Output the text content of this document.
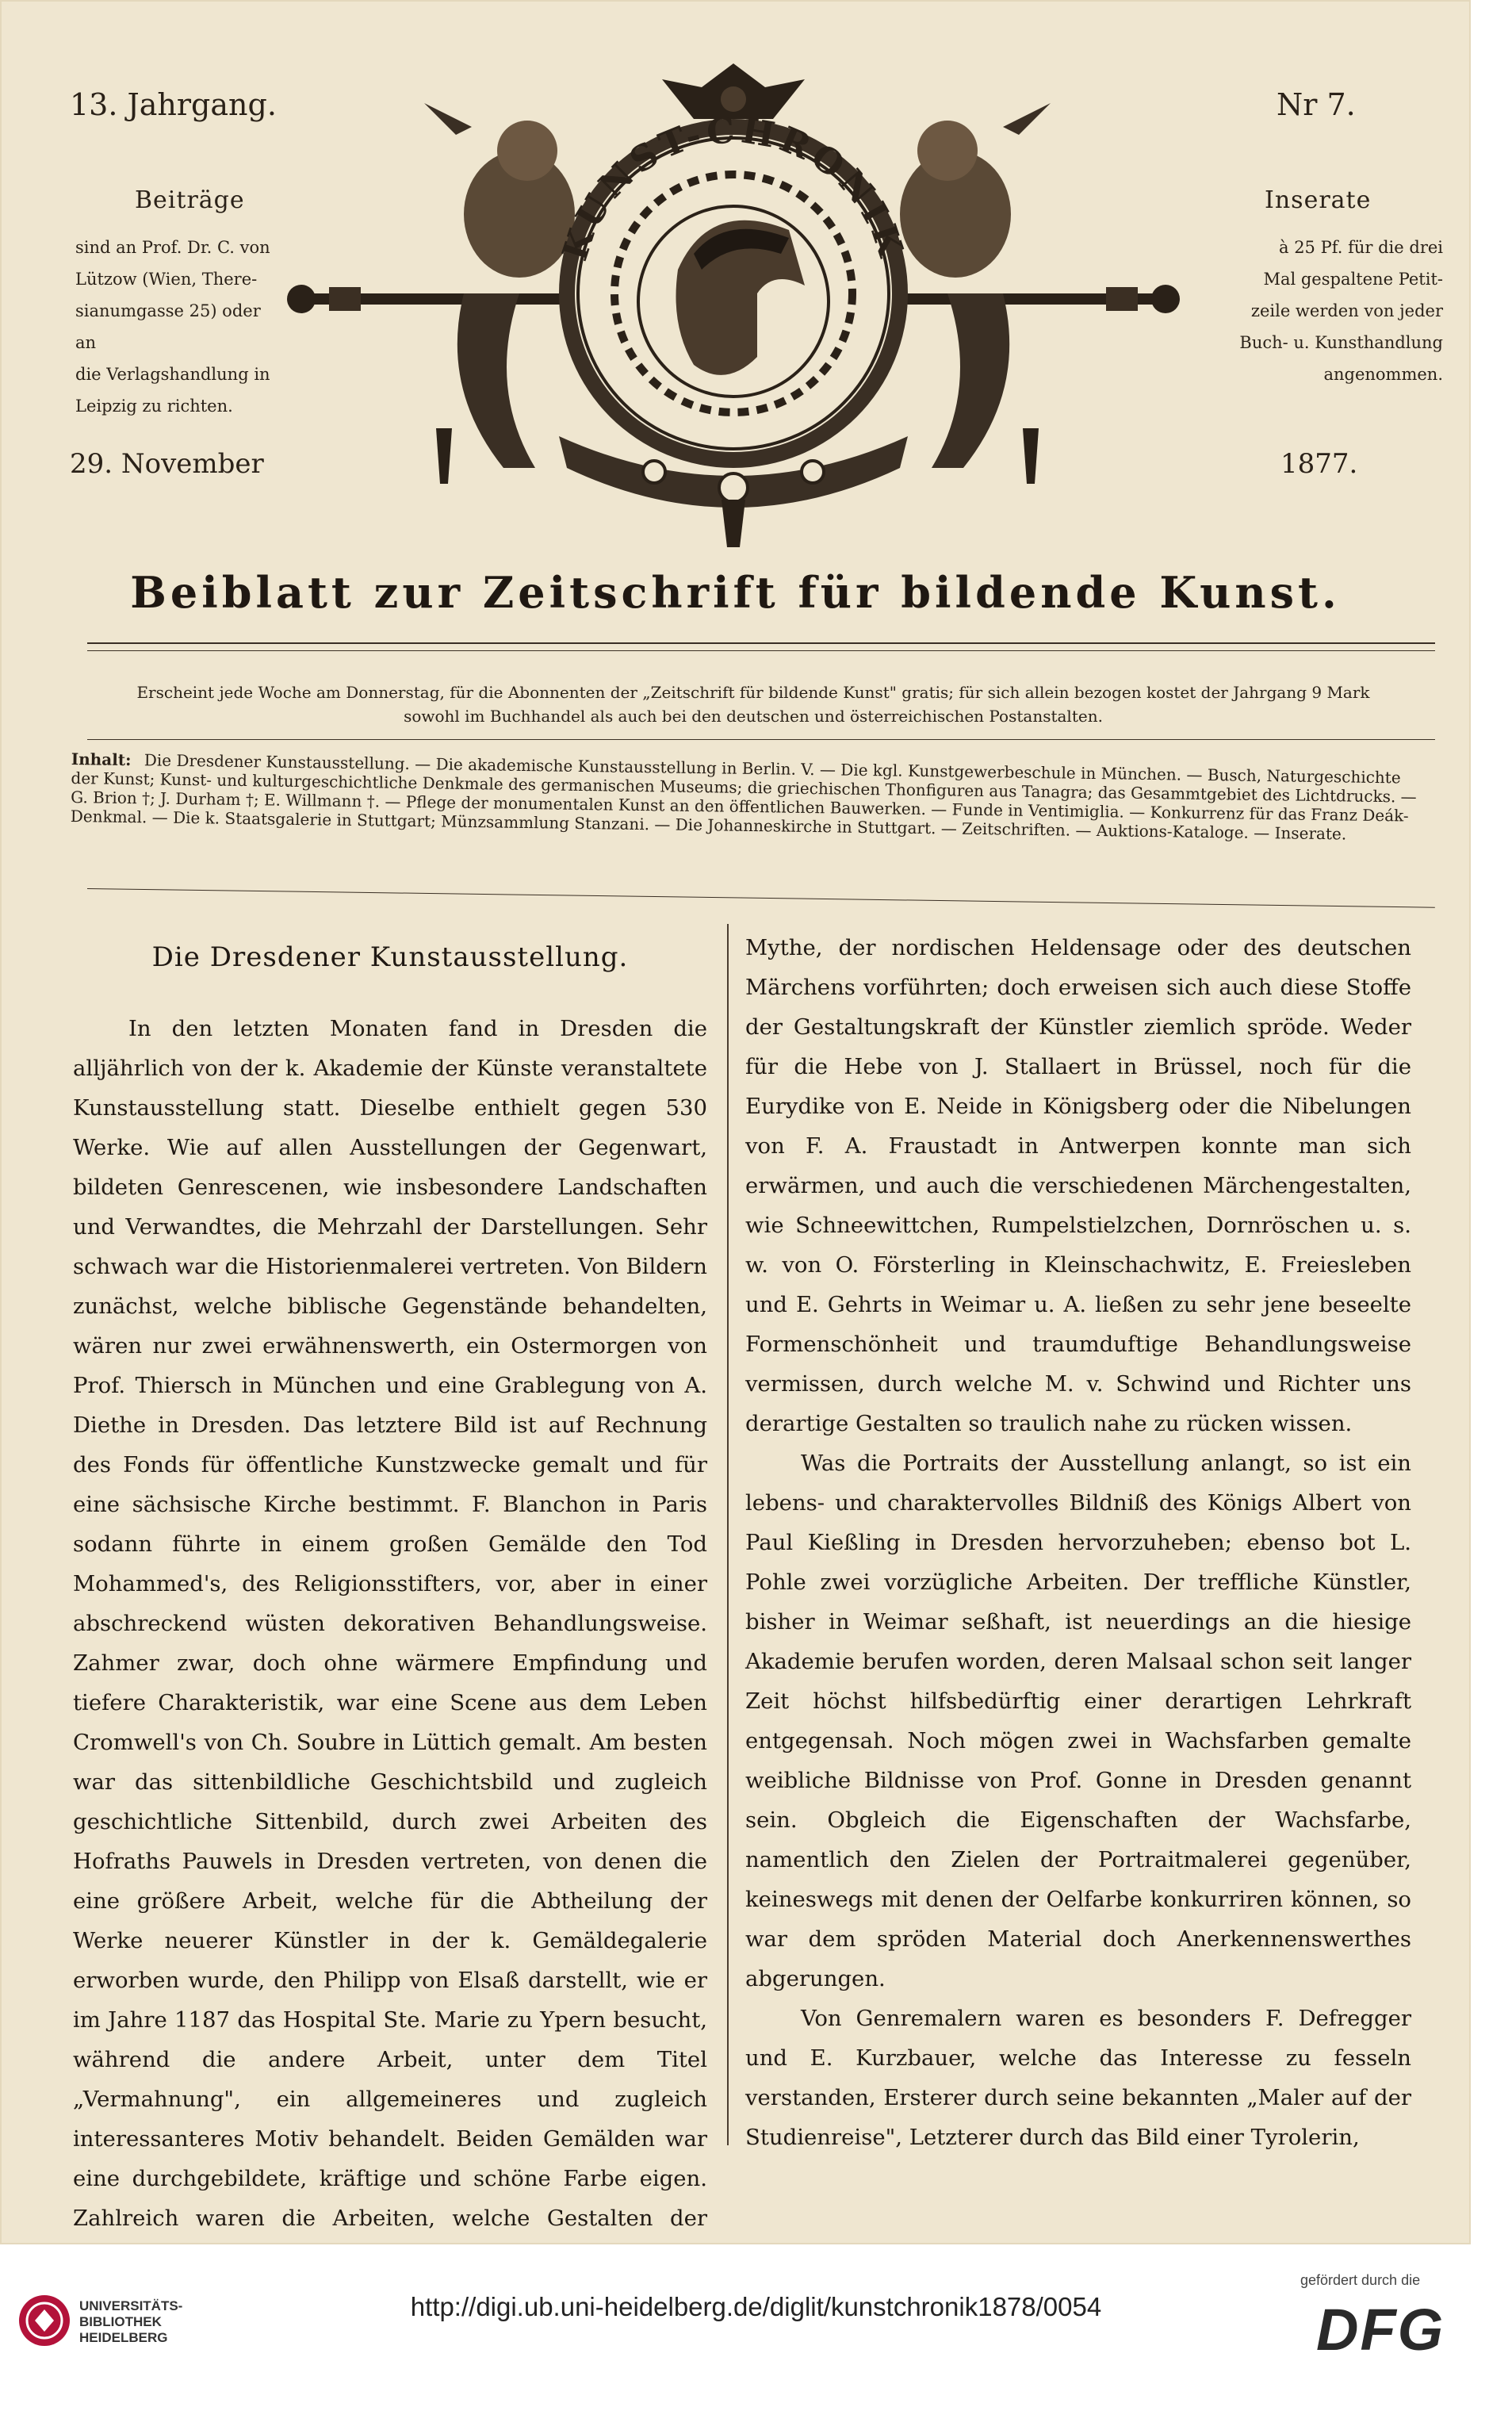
13. Jahrgang.	Nr 7.
Beiträge
sind an Prof. Dr. C. von
Lützow (Wien, There-
sianumgasse 25) oder an
die Verlagshandlung in
Leipzig zu richten.
Inserate
à 25 Pf. für die drei
Mal gespaltene Petit-
zeile werden von jeder
Buch- u. Kunsthandlung
angenommen.
29. November	1877.
KUNST-CHRONIK
Beiblatt zur Zeitschrift für bildende Kunst.
Erscheint jede Woche am Donnerstag, für die Abonnenten der „Zeitschrift für bildende Kunst" gratis; für sich allein bezogen kostet der Jahrgang 9 Mark sowohl im Buchhandel als auch bei den deutschen und österreichischen Postanstalten.
Inhalt: Die Dresdener Kunstausstellung. — Die akademische Kunstausstellung in Berlin. V. — Die kgl. Kunstgewerbeschule in München. — Busch, Naturgeschichte der Kunst; Kunst- und kulturgeschichtliche Denkmale des germanischen Museums; die griechischen Thonfiguren aus Tanagra; das Gesammtgebiet des Lichtdrucks. — G. Brion †; J. Durham †; E. Willmann †. — Pflege der monumentalen Kunst an den öffentlichen Bauwerken. — Funde in Ventimiglia. — Konkurrenz für das Franz Deák-Denkmal. — Die k. Staatsgalerie in Stuttgart; Münzsammlung Stanzani. — Die Johanneskirche in Stuttgart. — Zeitschriften. — Auktions-Kataloge. — Inserate.
Die Dresdener Kunstausstellung.

In den letzten Monaten fand in Dresden die alljährlich von der k. Akademie der Künste veranstaltete Kunstausstellung statt. Dieselbe enthielt gegen 530 Werke. Wie auf allen Ausstellungen der Gegenwart, bildeten Genrescenen, wie insbesondere Landschaften und Verwandtes, die Mehrzahl der Darstellungen. Sehr schwach war die Historienmalerei vertreten. Von Bildern zunächst, welche biblische Gegenstände behandelten, wären nur zwei erwähnenswerth, ein Ostermorgen von Prof. Thiersch in München und eine Grablegung von A. Diethe in Dresden. Das letztere Bild ist auf Rechnung des Fonds für öffentliche Kunstzwecke gemalt und für eine sächsische Kirche bestimmt. F. Blanchon in Paris sodann führte in einem großen Gemälde den Tod Mohammed's, des Religionsstifters, vor, aber in einer abschreckend wüsten dekorativen Behandlungsweise. Zahmer zwar, doch ohne wärmere Empfindung und tiefere Charakteristik, war eine Scene aus dem Leben Cromwell's von Ch. Soubre in Lüttich gemalt. Am besten war das sittenbildliche Geschichtsbild und zugleich geschichtliche Sittenbild, durch zwei Arbeiten des Hofraths Pauwels in Dresden vertreten, von denen die eine größere Arbeit, welche für die Abtheilung der Werke neuerer Künstler in der k. Gemäldegalerie erworben wurde, den Philipp von Elsaß darstellt, wie er im Jahre 1187 das Hospital Ste. Marie zu Ypern besucht, während die andere Arbeit, unter dem Titel „Vermahnung", ein allgemeineres und zugleich interessanteres Motiv behandelt. Beiden Gemälden war eine durchgebildete, kräftige und schöne Farbe eigen. Zahlreich waren die Arbeiten, welche Gestalten der

Mythe, der nordischen Heldensage oder des deutschen Märchens vorführten; doch erweisen sich auch diese Stoffe der Gestaltungskraft der Künstler ziemlich spröde. Weder für die Hebe von J. Stallaert in Brüssel, noch für die Eurydike von E. Neide in Königsberg oder die Nibelungen von F. A. Fraustadt in Antwerpen konnte man sich erwärmen, und auch die verschiedenen Märchengestalten, wie Schneewittchen, Rumpelstielzchen, Dornröschen u. s. w. von O. Försterling in Kleinschachwitz, E. Freiesleben und E. Gehrts in Weimar u. A. ließen zu sehr jene beseelte Formenschönheit und traumduftige Behandlungsweise vermissen, durch welche M. v. Schwind und Richter uns derartige Gestalten so traulich nahe zu rücken wissen.

Was die Portraits der Ausstellung anlangt, so ist ein lebens- und charaktervolles Bildniß des Königs Albert von Paul Kießling in Dresden hervorzuheben; ebenso bot L. Pohle zwei vorzügliche Arbeiten. Der treffliche Künstler, bisher in Weimar seßhaft, ist neuerdings an die hiesige Akademie berufen worden, deren Malsaal schon seit langer Zeit höchst hilfsbedürftig einer derartigen Lehrkraft entgegensah. Noch mögen zwei in Wachsfarben gemalte weibliche Bildnisse von Prof. Gonne in Dresden genannt sein. Obgleich die Eigenschaften der Wachsfarbe, namentlich den Zielen der Portraitmalerei gegenüber, keineswegs mit denen der Oelfarbe konkurriren können, so war dem spröden Material doch Anerkennenswerthes abgerungen.

Von Genremalern waren es besonders F. Defregger und E. Kurzbauer, welche das Interesse zu fesseln verstanden, Ersterer durch seine bekannten „Maler auf der Studienreise", Letzterer durch das Bild einer Tyrolerin,

UNIVERSITÄTS-
BIBLIOTHEK
HEIDELBERG
http://digi.ub.uni-heidelberg.de/diglit/kunstchronik1878/0054
gefördert durch die
DFG
